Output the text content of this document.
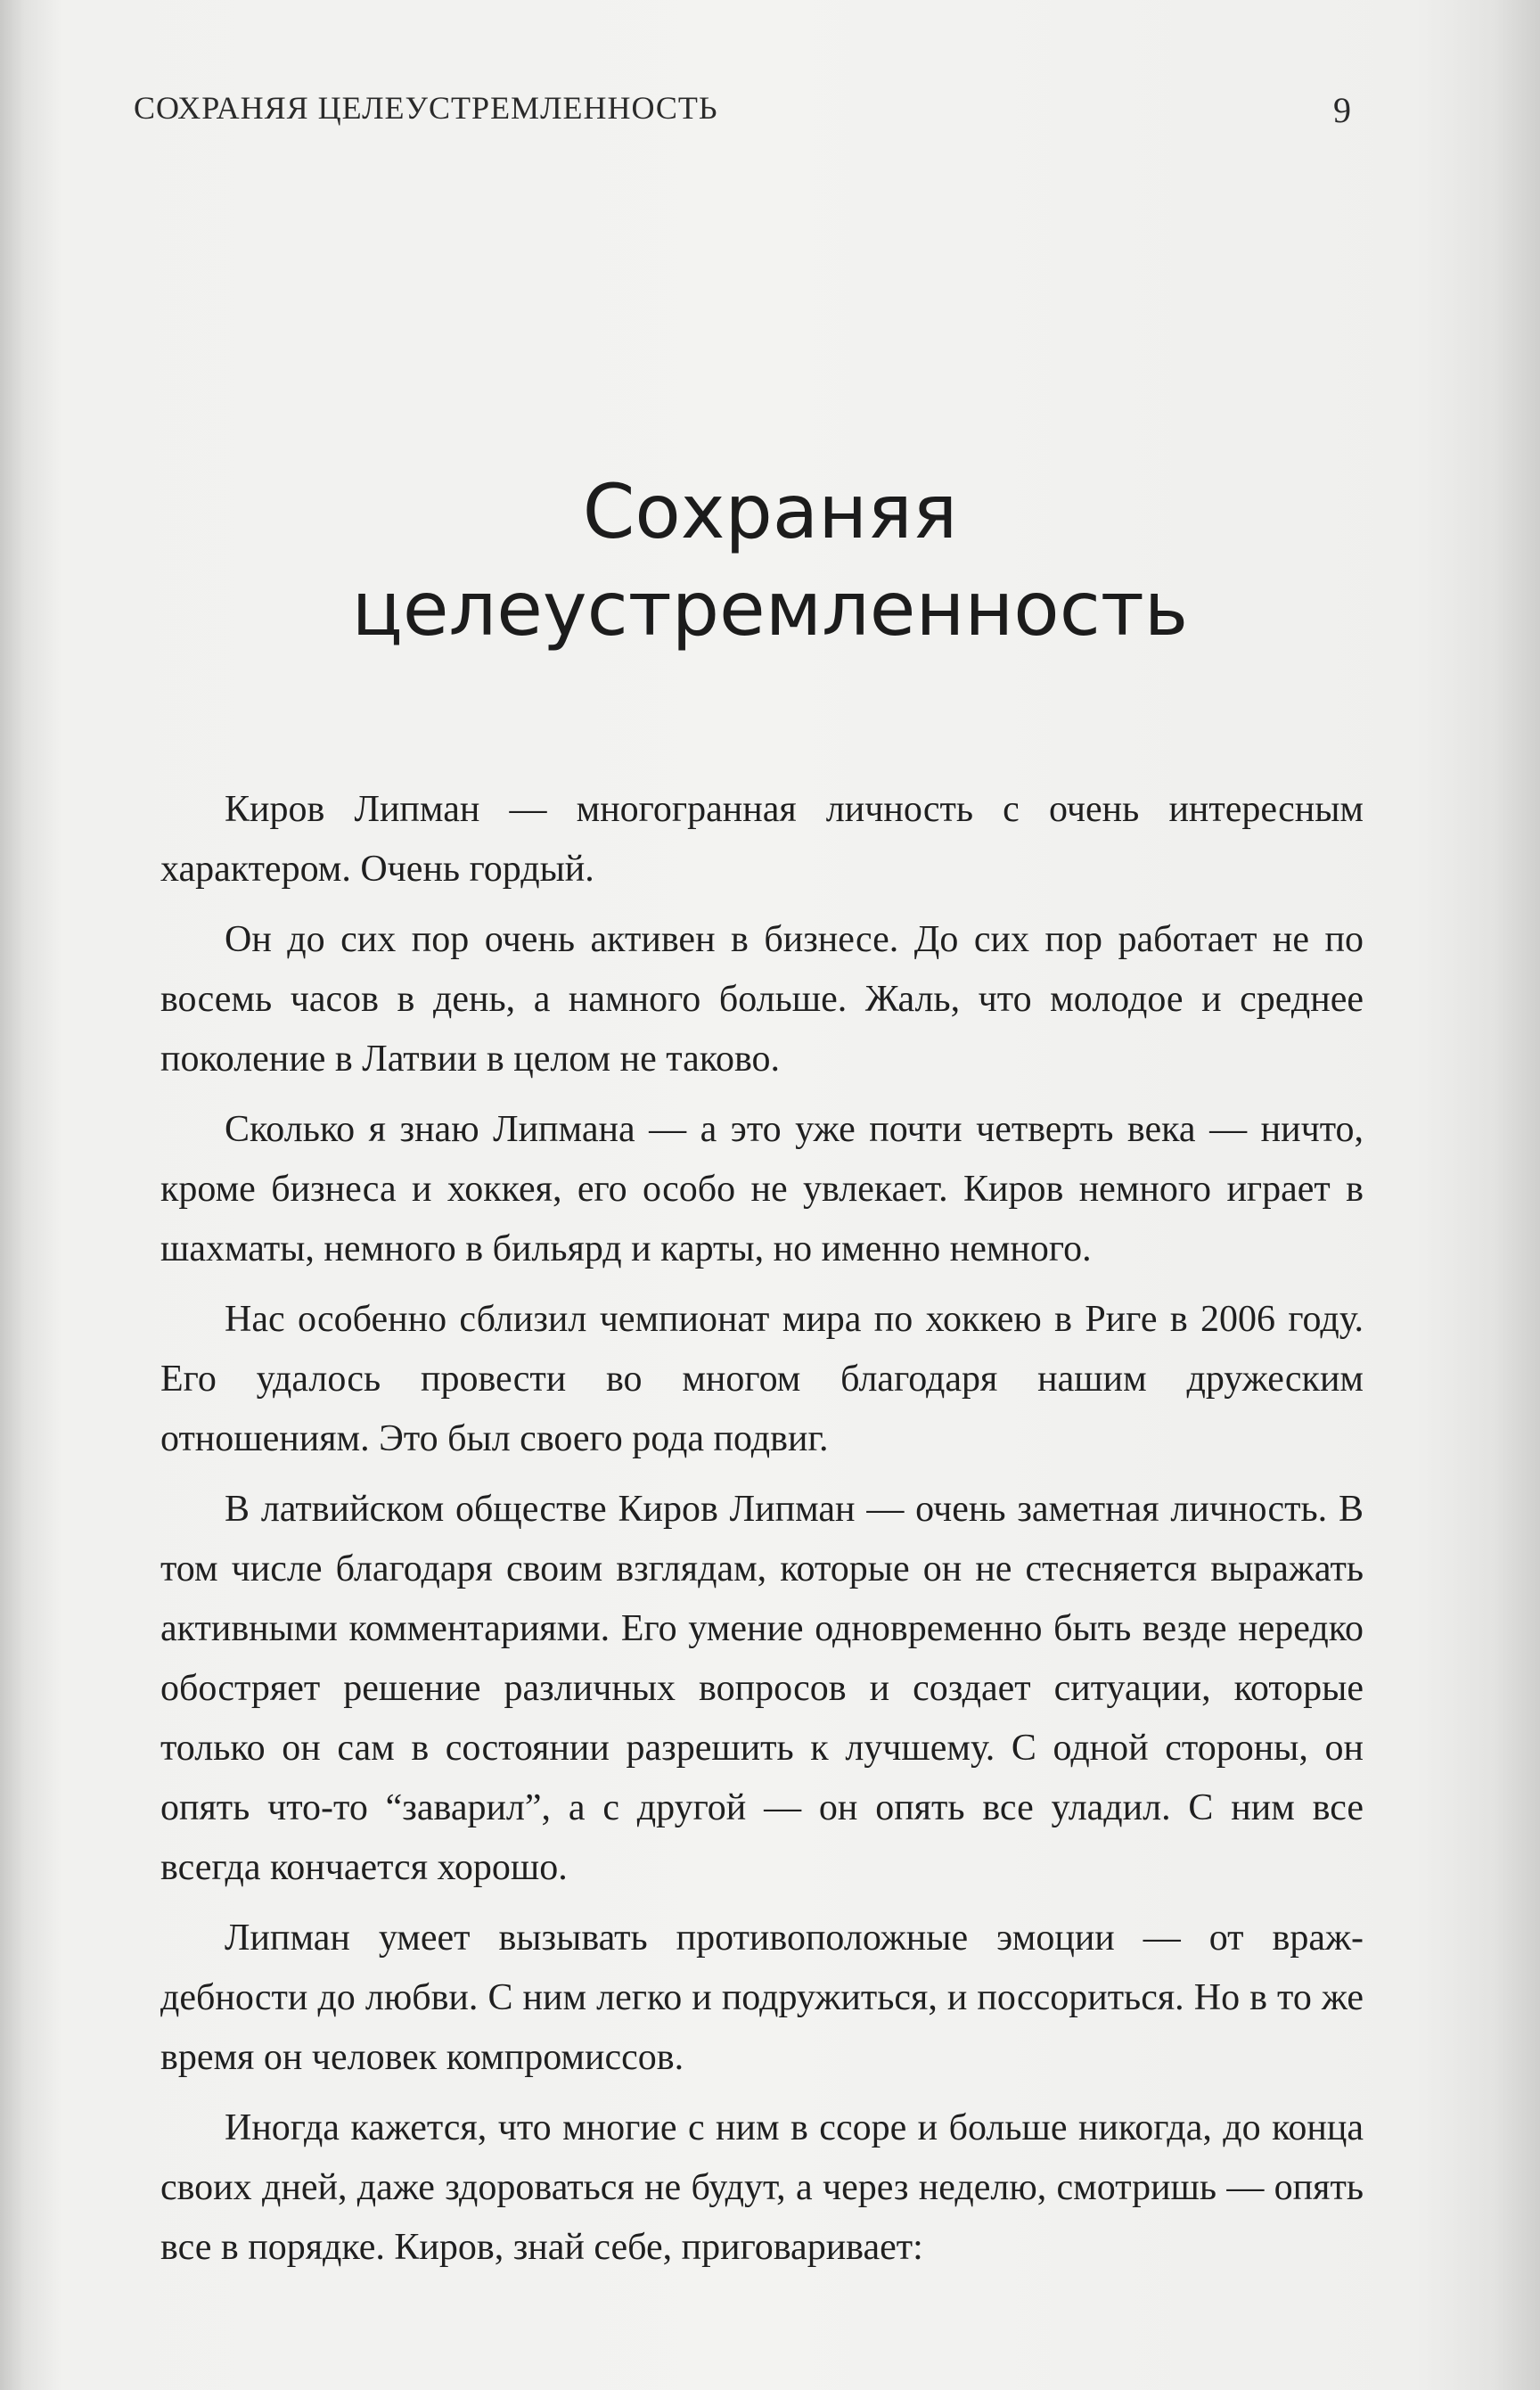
СОХРАНЯЯ ЦЕЛЕУСТРЕМЛЕННОСТЬ	9
Сохраняя
целеустремленность

Киров Липман — многогранная личность с очень интересным характером. Очень гордый.

Он до сих пор очень активен в бизнесе. До сих пор работает не по восемь часов в день, а намного больше. Жаль, что молодое и среднее поколение в Латвии в целом не таково.

Сколько я знаю Липмана — а это уже почти четверть века — ничто, кроме бизнеса и хоккея, его особо не увлекает. Киров немного играет в шахматы, немного в бильярд и карты, но именно немного.

Нас особенно сблизил чемпионат мира по хоккею в Риге в 2006 году. Его удалось провести во многом благодаря нашим дружеским отношениям. Это был своего рода подвиг.

В латвийском обществе Киров Липман — очень заметная личность. В том числе благодаря своим взглядам, которые он не стесняется выражать активными комментариями. Его умение одновременно быть везде нередко обостряет решение различных вопросов и создает ситуации, которые только он сам в состоянии разрешить к лучшему. С одной стороны, он опять что-то “заварил”, а с другой — он опять все уладил. С ним все всегда кончается хорошо.

Липман умеет вызывать противоположные эмоции — от враждебности до любви. С ним легко и подружиться, и поссориться. Но в то же время он человек компромиссов.

Иногда кажется, что многие с ним в ссоре и больше никогда, до конца своих дней, даже здороваться не будут, а через неделю, смотришь — опять все в порядке. Киров, знай себе, приговаривает:
